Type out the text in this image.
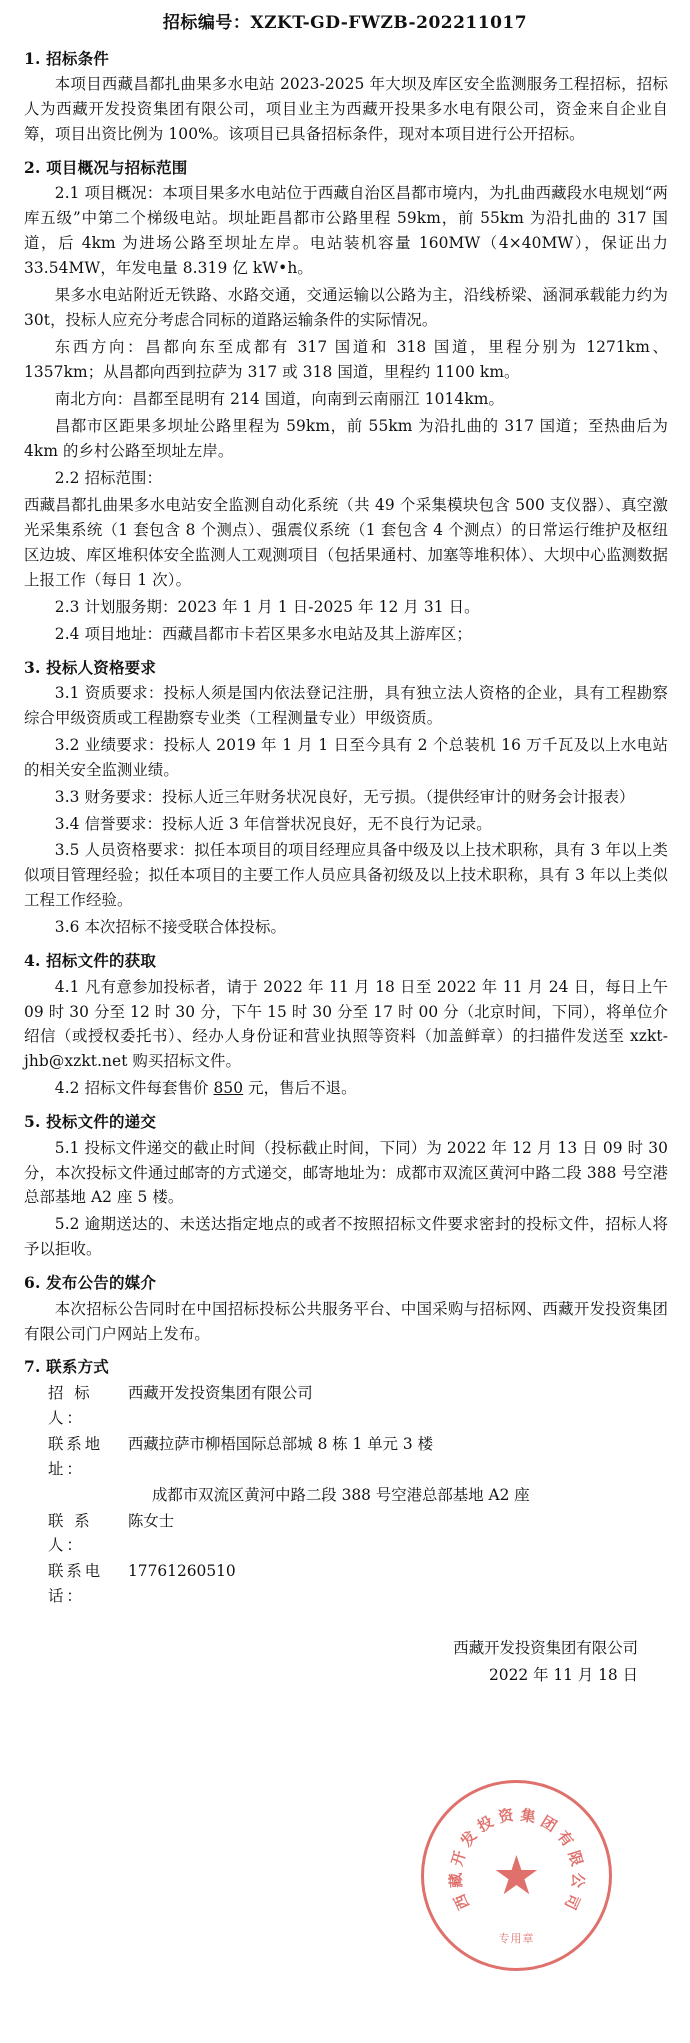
招标编号：XZKT-GD-FWZB-202211017
1. 招标条件

本项目西藏昌都扎曲果多水电站 2023-2025 年大坝及库区安全监测服务工程招标，招标人为西藏开发投资集团有限公司，项目业主为西藏开投果多水电有限公司，资金来自企业自筹，项目出资比例为 100%。该项目已具备招标条件，现对本项目进行公开招标。

2. 项目概况与招标范围

2.1 项目概况：本项目果多水电站位于西藏自治区昌都市境内，为扎曲西藏段水电规划“两库五级”中第二个梯级电站。坝址距昌都市公路里程 59km，前 55km 为沿扎曲的 317 国道，后 4km 为进场公路至坝址左岸。电站装机容量 160MW（4×40MW），保证出力 33.54MW，年发电量 8.319 亿 kW•h。

果多水电站附近无铁路、水路交通，交通运输以公路为主，沿线桥梁、涵洞承载能力约为 30t，投标人应充分考虑合同标的道路运输条件的实际情况。

东西方向：昌都向东至成都有 317 国道和 318 国道，里程分别为 1271km、1357km；从昌都向西到拉萨为 317 或 318 国道，里程约 1100 km。

南北方向：昌都至昆明有 214 国道，向南到云南丽江 1014km。

昌都市区距果多坝址公路里程为 59km，前 55km 为沿扎曲的 317 国道；至热曲后为 4km 的乡村公路至坝址左岸。

2.2 招标范围：

西藏昌都扎曲果多水电站安全监测自动化系统（共 49 个采集模块包含 500 支仪器）、真空激光采集系统（1 套包含 8 个测点）、强震仪系统（1 套包含 4 个测点）的日常运行维护及枢纽区边坡、库区堆积体安全监测人工观测项目（包括果通村、加塞等堆积体）、大坝中心监测数据上报工作（每日 1 次）。

2.3 计划服务期：2023 年 1 月 1 日-2025 年 12 月 31 日。

2.4 项目地址：西藏昌都市卡若区果多水电站及其上游库区；

3. 投标人资格要求

3.1 资质要求：投标人须是国内依法登记注册，具有独立法人资格的企业，具有工程勘察综合甲级资质或工程勘察专业类（工程测量专业）甲级资质。

3.2 业绩要求：投标人 2019 年 1 月 1 日至今具有 2 个总装机 16 万千瓦及以上水电站的相关安全监测业绩。

3.3 财务要求：投标人近三年财务状况良好，无亏损。（提供经审计的财务会计报表）

3.4 信誉要求：投标人近 3 年信誉状况良好，无不良行为记录。

3.5 人员资格要求：拟任本项目的项目经理应具备中级及以上技术职称，具有 3 年以上类似项目管理经验；拟任本项目的主要工作人员应具备初级及以上技术职称，具有 3 年以上类似工程工作经验。

3.6 本次招标不接受联合体投标。

4. 招标文件的获取

4.1 凡有意参加投标者，请于 2022 年 11 月 18 日至 2022 年 11 月 24 日，每日上午 09 时 30 分至 12 时 30 分，下午 15 时 30 分至 17 时 00 分（北京时间，下同），将单位介绍信（或授权委托书）、经办人身份证和营业执照等资料（加盖鲜章）的扫描件发送至 xzkt-jhb@xzkt.net 购买招标文件。

4.2 招标文件每套售价 850 元，售后不退。

5. 投标文件的递交

5.1 投标文件递交的截止时间（投标截止时间，下同）为 2022 年 12 月 13 日 09 时 30 分，本次投标文件通过邮寄的方式递交，邮寄地址为：成都市双流区黄河中路二段 388 号空港总部基地 A2 座 5 楼。

5.2 逾期送达的、未送达指定地点的或者不按照招标文件要求密封的投标文件，招标人将予以拒收。

6. 发布公告的媒介

本次招标公告同时在中国招标投标公共服务平台、中国采购与招标网、西藏开发投资集团有限公司门户网站上发布。

7. 联系方式
招 标 人：
西藏开发投资集团有限公司
联系地址：
西藏拉萨市柳梧国际总部城 8 栋 1 单元 3 楼
成都市双流区黄河中路二段 388 号空港总部基地 A2 座
联 系 人：
陈女士
联系电话：
17761260510
西藏开发投资集团有限公司
2022 年 11 月 18 日
西
藏
开
发
投 资 集 团
有
限
公
司
★
专用章
